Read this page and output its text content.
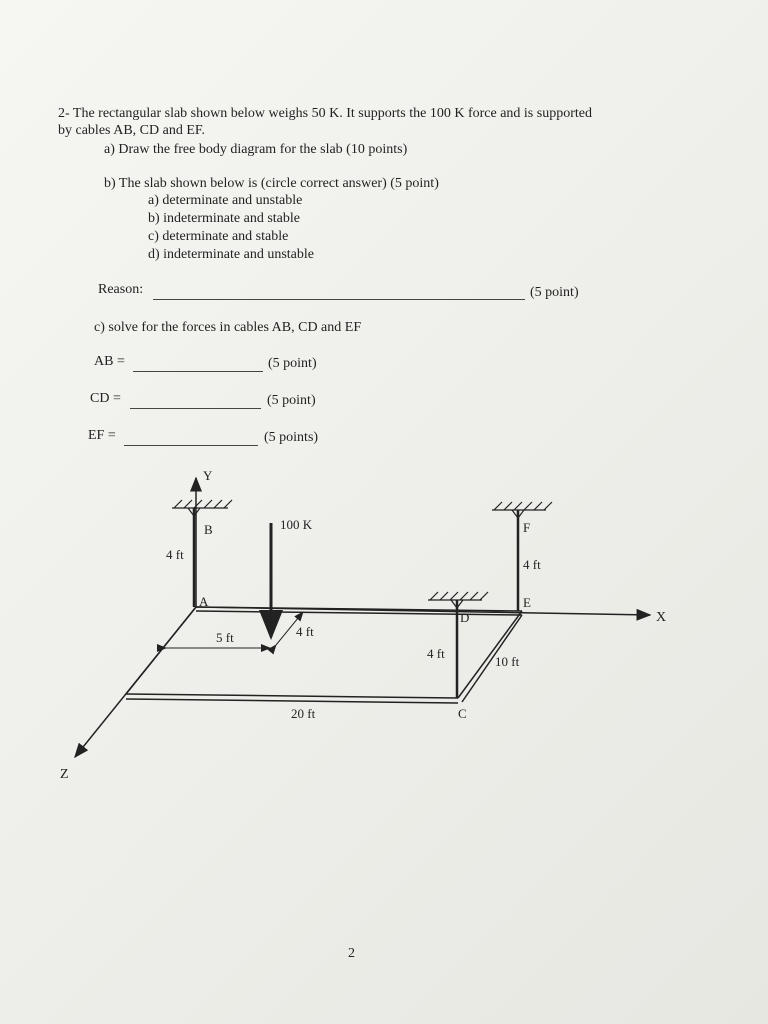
2- The rectangular slab shown below weighs 50 K. It supports the 100 K force and is supported
by cables AB, CD and EF.
a) Draw the free body diagram for the slab (10 points)
b) The slab shown below is (circle correct answer) (5 point)
a) determinate and unstable
b) indeterminate and stable
c) determinate and stable
d) indeterminate and unstable
Reason:	(5 point)
c) solve for the forces in cables AB, CD and EF
AB =	(5 point)
CD =	(5 point)
EF =	(5 points)
Y
X
Z
B
A
F
E
D
C
4 ft
4 ft
4 ft
100 K
5 ft	4 ft
10 ft
20 ft
2
